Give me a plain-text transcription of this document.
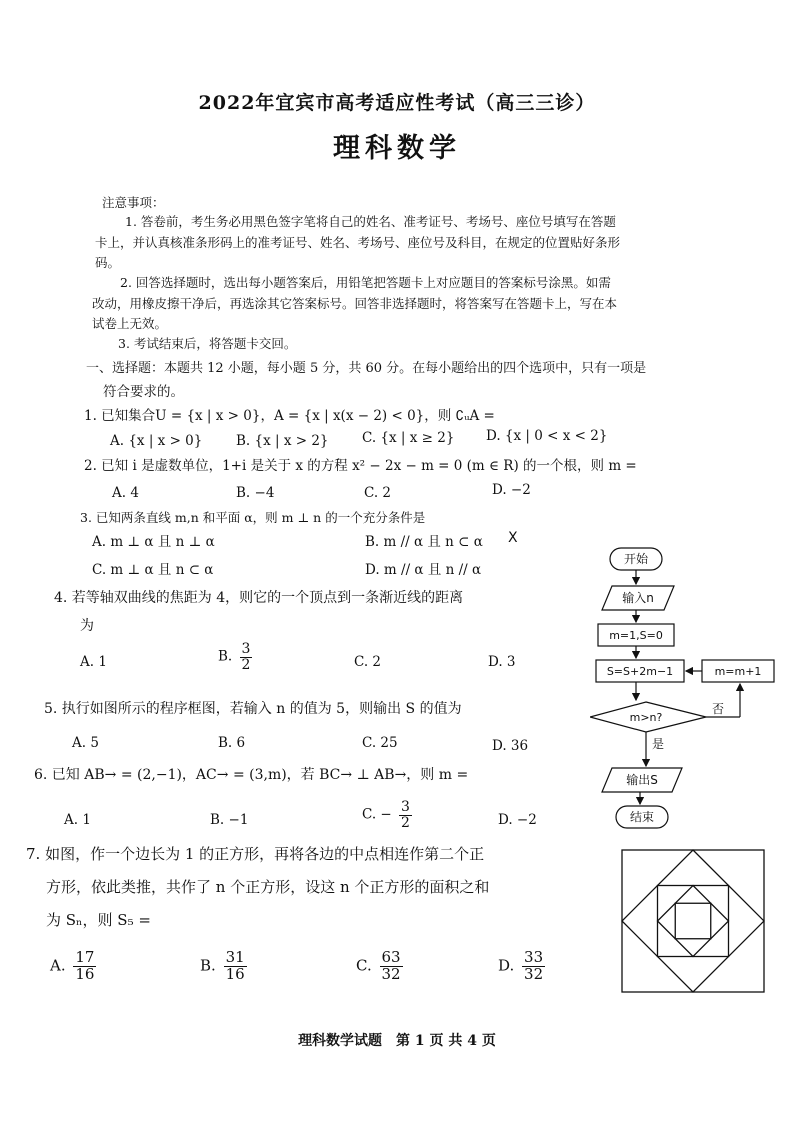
2022年宜宾市高考适应性考试（高三三诊）
理科数学
注意事项：
1. 答卷前，考生务必用黑色签字笔将自己的姓名、准考证号、考场号、座位号填写在答题
卡上，并认真核准条形码上的准考证号、姓名、考场号、座位号及科目，在规定的位置贴好条形
码。
2. 回答选择题时，选出每小题答案后，用铅笔把答题卡上对应题目的答案标号涂黑。如需
改动，用橡皮擦干净后，再选涂其它答案标号。回答非选择题时，将答案写在答题卡上，写在本
试卷上无效。
3. 考试结束后，将答题卡交回。
一、选择题：本题共 12 小题，每小题 5 分，共 60 分。在每小题给出的四个选项中，只有一项是
符合要求的。
1. 已知集合U = {x | x > 0}，A = {x | x(x − 2) < 0}，则 ∁ᵤA =
A. {x | x > 0} B. {x | x > 2} C. {x | x ≥ 2} D. {x | 0 < x < 2}
2. 已知 i 是虚数单位，1+i 是关于 x 的方程 x² − 2x − m = 0 (m ∈ R) 的一个根，则 m =
A. 4	B. −4	C. 2	D. −2
3. 已知两条直线 m,n 和平面 α，则 m ⊥ n 的一个充分条件是
A. m ⊥ α 且 n ⊥ α	B. m // α 且 n ⊂ α X
C. m ⊥ α 且 n ⊂ α	D. m // α 且 n // α
4. 若等轴双曲线的焦距为 4，则它的一个顶点到一条渐近线的距离
为
A. 1	B. $\frac{3}{2}$	C. 2	D. 3
5. 执行如图所示的程序框图，若输入 n 的值为 5，则输出 S 的值为
A. 5	B. 6	C. 25	D. 36
6. 已知 AB→ = (2,−1)，AC→ = (3,m)，若 BC→ ⊥ AB→，则 m =
A. 1	B. −1	C. − $\frac{3}{2}$	D. −2
7. 如图，作一个边长为 1 的正方形，再将各边的中点相连作第二个正
方形，依此类推，共作了 n 个正方形，设这 n 个正方形的面积之和
为 Sₙ，则 S₅ =
A. $\frac{17}{16}$	B. $\frac{31}{16}$	C. $\frac{63}{32}$	D. $\frac{33}{32}$
开始
输入n
m=1,S=0
S=S+2m−1	m=m+1
m>n?
否
是
输出S
结束
理科数学试题　第 1 页 共 4 页
